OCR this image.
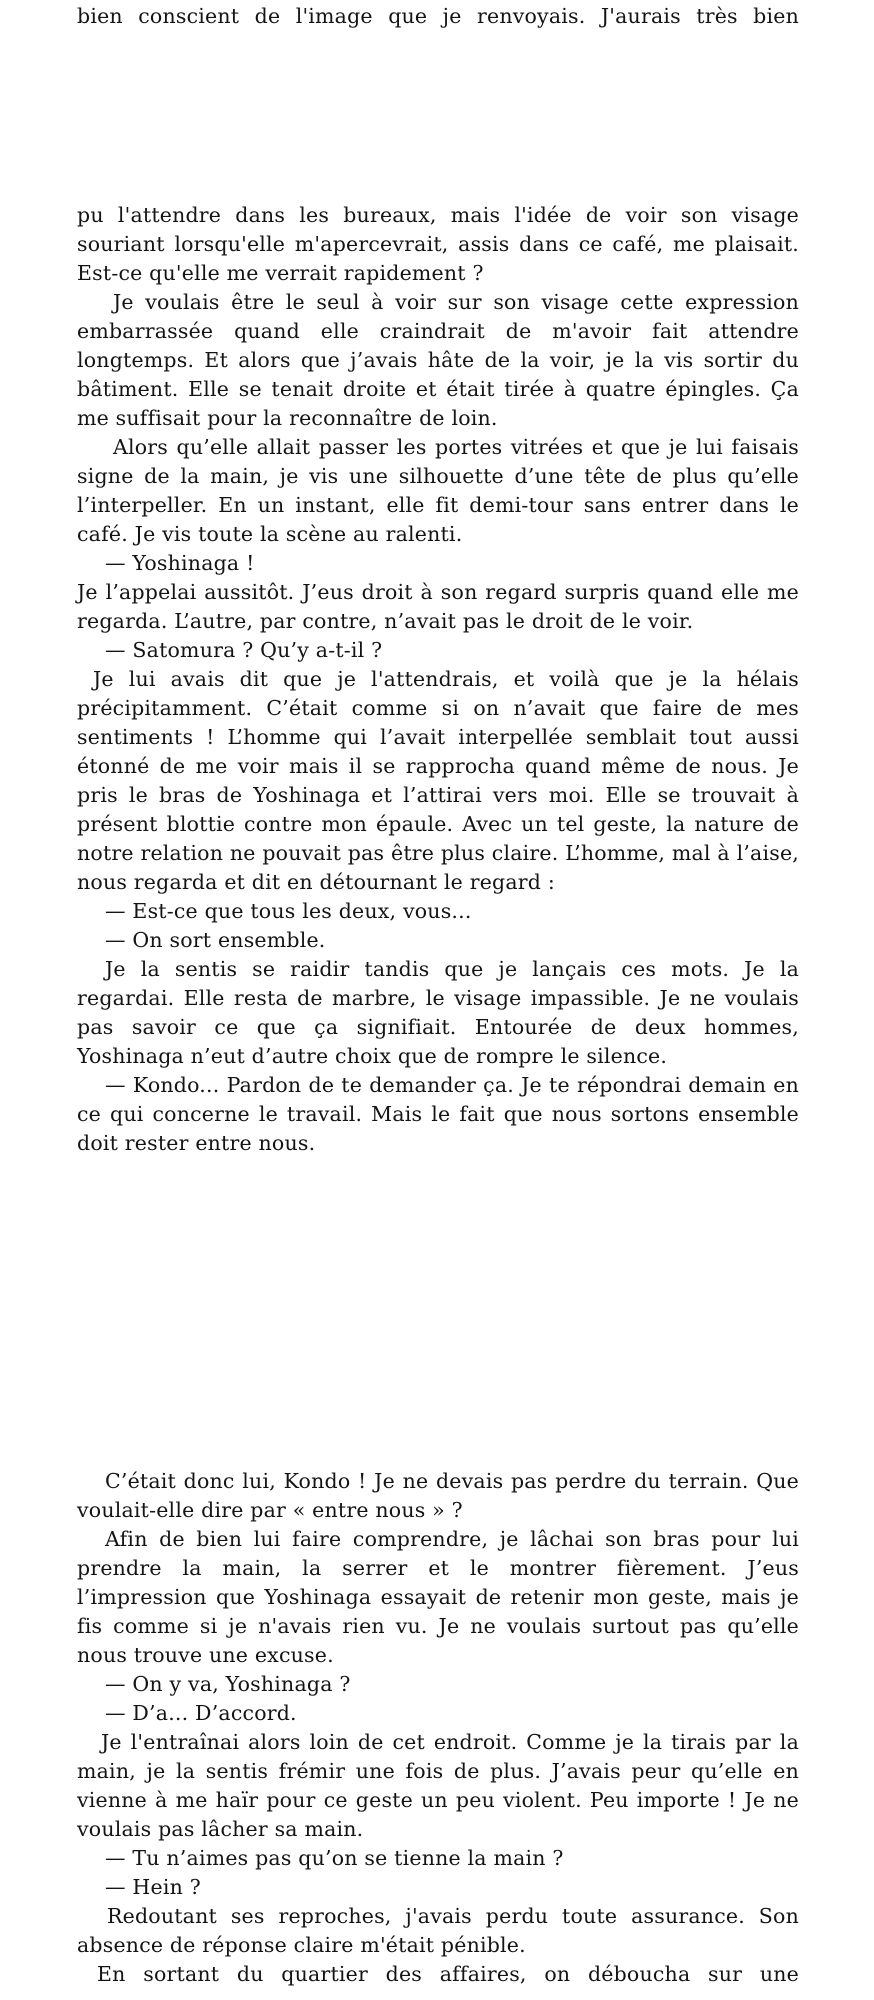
bien conscient de l'image que je renvoyais. J'aurais très bien

pu l'attendre dans les bureaux, mais l'idée de voir son visage souriant lorsqu'elle m'apercevrait, assis dans ce café, me plaisait. Est-ce qu'elle me verrait rapidement ?

Je voulais être le seul à voir sur son visage cette expression embarrassée quand elle craindrait de m'avoir fait attendre longtemps. Et alors que j’avais hâte de la voir, je la vis sortir du bâtiment. Elle se tenait droite et était tirée à quatre épingles. Ça me suffisait pour la reconnaître de loin.

Alors qu’elle allait passer les portes vitrées et que je lui faisais signe de la main, je vis une silhouette d’une tête de plus qu’elle l’interpeller. En un instant, elle fit demi-tour sans entrer dans le café. Je vis toute la scène au ralenti.

— Yoshinaga !

Je l’appelai aussitôt. J’eus droit à son regard surpris quand elle me regarda. L’autre, par contre, n’avait pas le droit de le voir.

— Satomura ? Qu’y a-t-il ?

Je lui avais dit que je l'attendrais, et voilà que je la hélais précipitamment. C’était comme si on n’avait que faire de mes sentiments ! L’homme qui l’avait interpellée semblait tout aussi étonné de me voir mais il se rapprocha quand même de nous. Je pris le bras de Yoshinaga et l’attirai vers moi. Elle se trouvait à présent blottie contre mon épaule. Avec un tel geste, la nature de notre relation ne pouvait pas être plus claire. L’homme, mal à l’aise, nous regarda et dit en détournant le regard :

— Est-ce que tous les deux, vous...

— On sort ensemble.

Je la sentis se raidir tandis que je lançais ces mots. Je la regardai. Elle resta de marbre, le visage impassible. Je ne voulais pas savoir ce que ça signifiait. Entourée de deux hommes, Yoshinaga n’eut d’autre choix que de rompre le silence.

— Kondo... Pardon de te demander ça. Je te répondrai demain en ce qui concerne le travail. Mais le fait que nous sortons ensemble doit rester entre nous.

C’était donc lui, Kondo ! Je ne devais pas perdre du terrain. Que voulait-elle dire par « entre nous » ?

Afin de bien lui faire comprendre, je lâchai son bras pour lui prendre la main, la serrer et le montrer fièrement. J’eus l’impression que Yoshinaga essayait de retenir mon geste, mais je fis comme si je n'avais rien vu. Je ne voulais surtout pas qu’elle nous trouve une excuse.

— On y va, Yoshinaga ?

— D’a... D’accord.

Je l'entraînai alors loin de cet endroit. Comme je la tirais par la main, je la sentis frémir une fois de plus. J’avais peur qu’elle en vienne à me haïr pour ce geste un peu violent. Peu importe ! Je ne voulais pas lâcher sa main.

— Tu n’aimes pas qu’on se tienne la main ?

— Hein ?

Redoutant ses reproches, j'avais perdu toute assurance. Son absence de réponse claire m'était pénible.

En sortant du quartier des affaires, on déboucha sur une
